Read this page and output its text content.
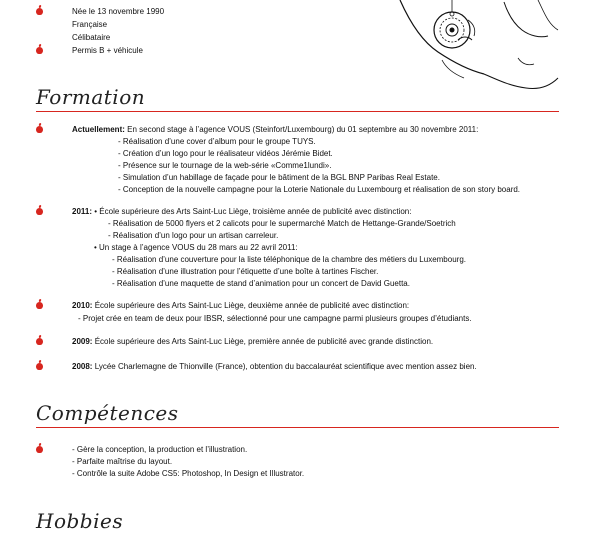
Née le 13 novembre 1990
Française
Célibataire
Permis B + véhicule
Formation
Actuellement: En second stage à l’agence VOUS (Steinfort/Luxembourg) du 01 septembre au 30 novembre 2011:
- Réalisation d’une cover d’album pour le groupe TUYS.
- Création d’un logo pour le réalisateur vidéos Jérémie Bidet.
- Présence sur le tournage de la web-série «Comme1lundi».
- Simulation d’un habillage de façade pour le bâtiment de la BGL BNP Paribas Real Estate.
- Conception de la nouvelle campagne pour la Loterie Nationale du Luxembourg et réalisation de son story board.
2011: • École supérieure des Arts Saint-Luc Liège, troisième année de publicité avec distinction:
- Réalisation de 5000 flyers et 2 calicots pour le supermarché Match de Hettange-Grande/Soetrich
- Réalisation d’un logo pour un artisan carreleur.
• Un stage à l’agence VOUS du 28 mars au 22 avril 2011:
- Réalisation d’une couverture pour la liste téléphonique de la chambre des métiers du Luxembourg.
- Réalisation d’une illustration pour l’étiquette d’une boîte à tartines Fischer.
- Réalisation d’une maquette de stand d’animation pour un concert de David Guetta.
2010: École supérieure des Arts Saint-Luc Liège, deuxième année de publicité avec distinction:
- Projet crée en team de deux pour IBSR, sélectionné pour une campagne parmi plusieurs groupes d’étudiants.
2009: École supérieure des Arts Saint-Luc Liège, première année de publicité avec grande distinction.
2008: Lycée Charlemagne de Thionville (France), obtention du baccalauréat scientifique avec mention assez bien.
Compétences
- Gère la conception, la production et l’illustration.
- Parfaite maîtrise du layout.
- Contrôle la suite Adobe CS5: Photoshop, In Design et Illustrator.
Hobbies
